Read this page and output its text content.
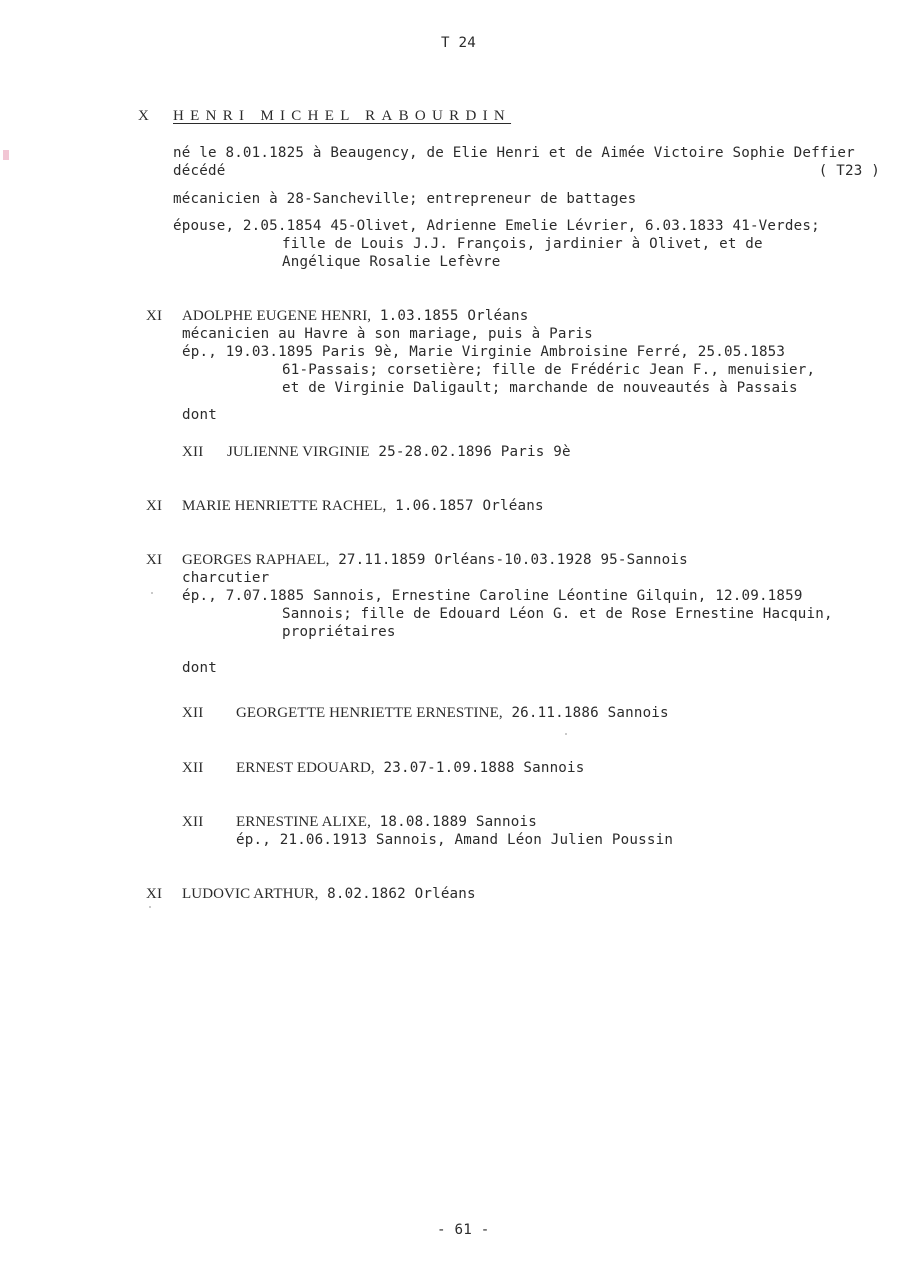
T 24
X HENRI MICHEL RABOURDIN
né le 8.01.1825 à Beaugency, de Elie Henri et de Aimée Victoire Sophie Deffier
décédé	( T23 )
mécanicien à 28-Sancheville; entrepreneur de battages
épouse, 2.05.1854 45-Olivet, Adrienne Emelie Lévrier, 6.03.1833 41-Verdes;
fille de Louis J.J. François, jardinier à Olivet, et de
Angélique Rosalie Lefèvre
XI ADOLPHE EUGENE HENRI, 1.03.1855 Orléans
mécanicien au Havre à son mariage, puis à Paris
ép., 19.03.1895 Paris 9è, Marie Virginie Ambroisine Ferré, 25.05.1853
61-Passais; corsetière; fille de Frédéric Jean F., menuisier,
et de Virginie Daligault; marchande de nouveautés à Passais
dont
XII JULIENNE VIRGINIE 25-28.02.1896 Paris 9è
XI MARIE HENRIETTE RACHEL, 1.06.1857 Orléans
XI GEORGES RAPHAEL, 27.11.1859 Orléans-10.03.1928 95-Sannois
charcutier
ép., 7.07.1885 Sannois, Ernestine Caroline Léontine Gilquin, 12.09.1859
Sannois; fille de Edouard Léon G. et de Rose Ernestine Hacquin,
propriétaires
dont
XII GEORGETTE HENRIETTE ERNESTINE, 26.11.1886 Sannois
XII ERNEST EDOUARD, 23.07-1.09.1888 Sannois
XII ERNESTINE ALIXE, 18.08.1889 Sannois
ép., 21.06.1913 Sannois, Amand Léon Julien Poussin
XI LUDOVIC ARTHUR, 8.02.1862 Orléans
- 61 -
